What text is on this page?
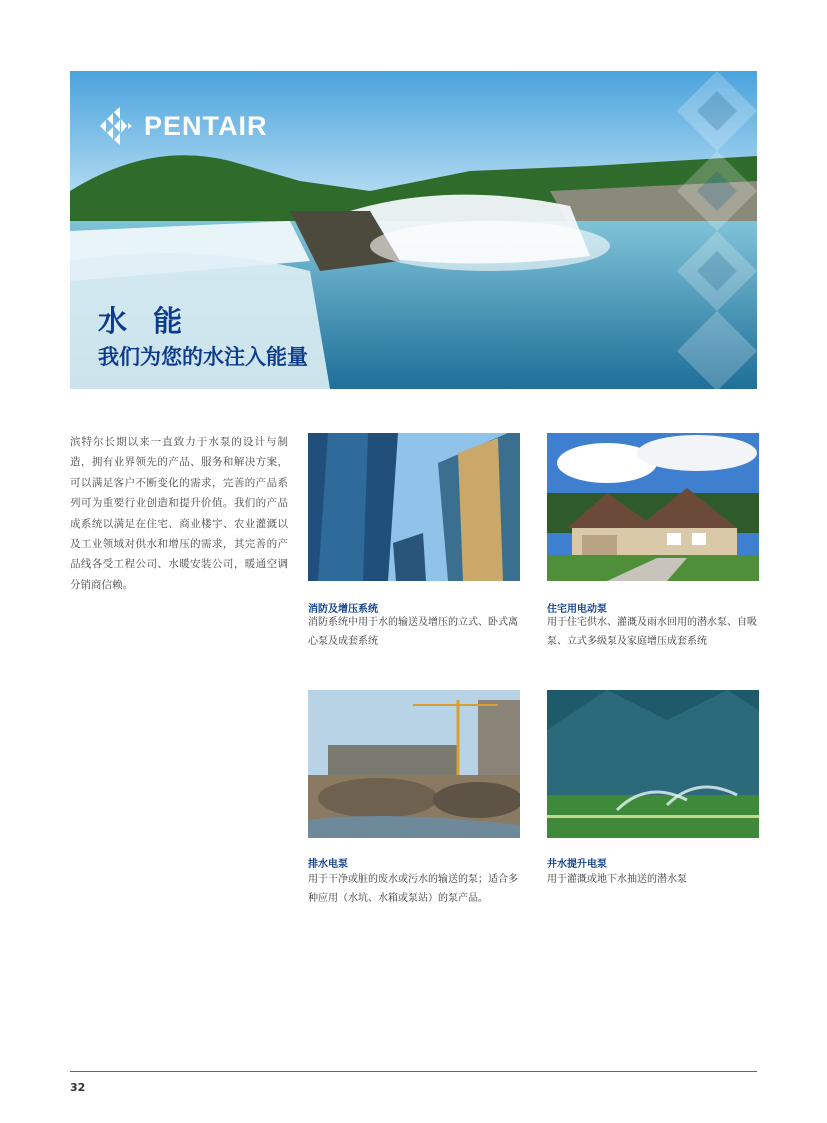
PENTAIR
水 能
我们为您的水注入能量
滨特尔长期以来一直致力于水泵的设计与制造，拥有业界领先的产品、服务和解决方案，可以满足客户不断变化的需求，完善的产品系列可为重要行业创造和提升价值。我们的产品成系统以满足在住宅、商业楼宇、农业灌溉以及工业领域对供水和增压的需求，其完善的产品线各受工程公司、水暖安装公司，暖通空调分销商信赖。
消防及增压系统
消防系统中用于水的输送及增压的立式、卧式离心泵及成套系统
住宅用电动泵
用于住宅供水、灌溉及雨水回用的潜水泵、自吸泵、立式多级泵及家庭增压成套系统
排水电泵
用于干净或脏的废水或污水的输送的泵；适合多种应用（水坑、水箱或泵站）的泵产品。
井水提升电泵
用于灌溉或地下水抽送的潜水泵
32
